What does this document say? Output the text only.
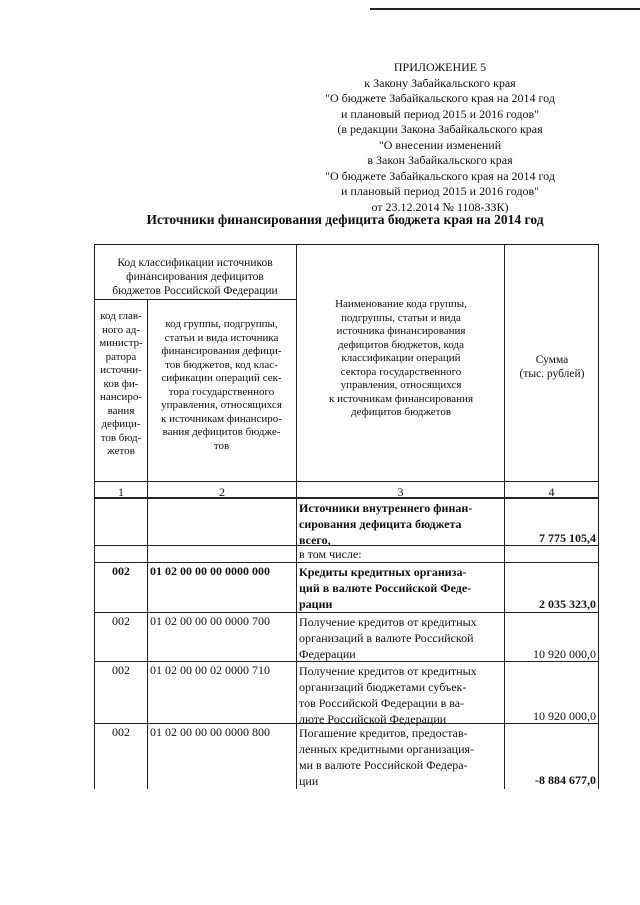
ПРИЛОЖЕНИЕ 5
к Закону Забайкальского края
"О бюджете Забайкальского края на 2014 год
и плановый период 2015 и 2016 годов"
(в редакции Закона Забайкальского края
"О внесении изменений
в Закон Забайкальского края
"О бюджете Забайкальского края на 2014 год
и плановый период 2015 и 2016 годов"
от 23.12.2014 № 1108-ЗЗК)
Источники финансирования дефицита бюджета края на 2014 год
Код классификации источников
финансирования дефицитов
бюджетов Российской Федерации
код глав-
ного ад-
министр-
ратора
источни-
ков фи-
нансиро-
вания
дефици-
тов бюд-
жетов
код группы, подгруппы,
статьи и вида источника
финансирования дефици-
тов бюджетов, код клас-
сификации операций сек-
тора государственного
управления, относящихся
к источникам финансиро-
вания дефицитов бюдже-
тов
Наименование кода группы,
подгруппы, статьи и вида
источника финансирования
дефицитов бюджетов, кода
классификации операций
сектора государственного
управления, относящихся
к источникам финансирования
дефицитов бюджетов
Сумма
(тыс. рублей)
1	2	3	4
Источники внутреннего финан-
сирования дефицита бюджета
всего,	7 775 105,4
в том числе:
002	01 02 00 00 00 0000 000	Кредиты кредитных организа-
ций в валюте Российской Феде-
рации	2 035 323,0
002	01 02 00 00 00 0000 700	Получение кредитов от кредитных
организаций в валюте Российской
Федерации	10 920 000,0
002	01 02 00 00 02 0000 710	Получение кредитов от кредитных
организаций бюджетами субъек-
тов Российской Федерации в ва-
люте Российской Федерации	10 920 000,0
002	01 02 00 00 00 0000 800	Погашение кредитов, предостав-
ленных кредитными организация-
ми в валюте Российской Федера-
ции	-8 884 677,0
